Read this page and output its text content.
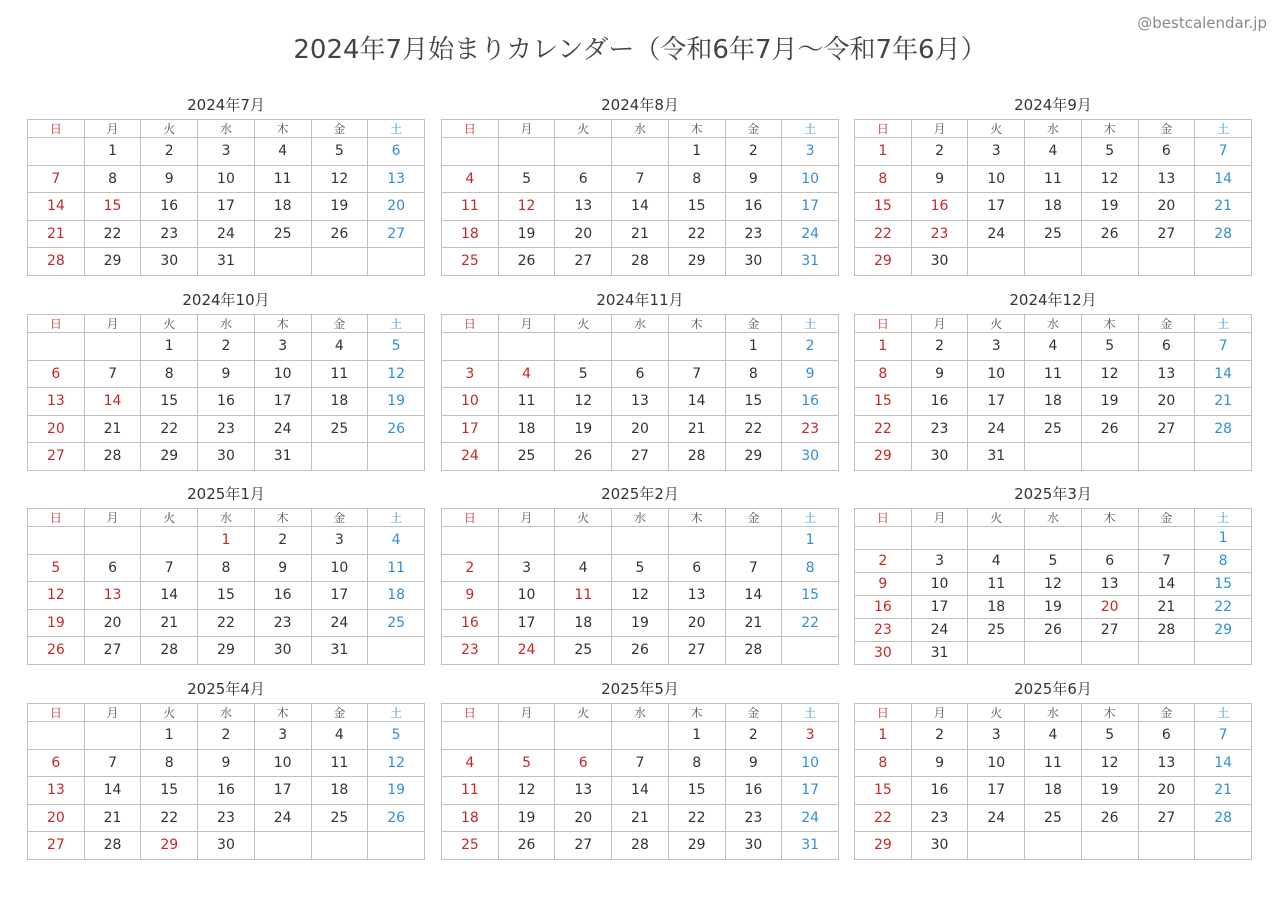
2024年7月始まりカレンダー（令和6年7月〜令和7年6月）
@bestcalendar.jp
2024年7月
日	月	火	水	木	金	土
	1	2	3	4	5	6
7	8	9	10	11	12	13
14	15	16	17	18	19	20
21	22	23	24	25	26	27
28	29	30	31			
2024年8月
日	月	火	水	木	金	土
				1	2	3
4	5	6	7	8	9	10
11	12	13	14	15	16	17
18	19	20	21	22	23	24
25	26	27	28	29	30	31
2024年9月
日	月	火	水	木	金	土
1	2	3	4	5	6	7
8	9	10	11	12	13	14
15	16	17	18	19	20	21
22	23	24	25	26	27	28
29	30					
2024年10月
日	月	火	水	木	金	土
		1	2	3	4	5
6	7	8	9	10	11	12
13	14	15	16	17	18	19
20	21	22	23	24	25	26
27	28	29	30	31		
2024年11月
日	月	火	水	木	金	土
					1	2
3	4	5	6	7	8	9
10	11	12	13	14	15	16
17	18	19	20	21	22	23
24	25	26	27	28	29	30
2024年12月
日	月	火	水	木	金	土
1	2	3	4	5	6	7
8	9	10	11	12	13	14
15	16	17	18	19	20	21
22	23	24	25	26	27	28
29	30	31				
2025年1月
日	月	火	水	木	金	土
			1	2	3	4
5	6	7	8	9	10	11
12	13	14	15	16	17	18
19	20	21	22	23	24	25
26	27	28	29	30	31	
2025年2月
日	月	火	水	木	金	土
						1
2	3	4	5	6	7	8
9	10	11	12	13	14	15
16	17	18	19	20	21	22
23	24	25	26	27	28	
2025年3月
日	月	火	水	木	金	土
						1
2	3	4	5	6	7	8
9	10	11	12	13	14	15
16	17	18	19	20	21	22
23	24	25	26	27	28	29
30	31					
2025年4月
日	月	火	水	木	金	土
		1	2	3	4	5
6	7	8	9	10	11	12
13	14	15	16	17	18	19
20	21	22	23	24	25	26
27	28	29	30			
2025年5月
日	月	火	水	木	金	土
				1	2	3
4	5	6	7	8	9	10
11	12	13	14	15	16	17
18	19	20	21	22	23	24
25	26	27	28	29	30	31
2025年6月
日	月	火	水	木	金	土
1	2	3	4	5	6	7
8	9	10	11	12	13	14
15	16	17	18	19	20	21
22	23	24	25	26	27	28
29	30					
